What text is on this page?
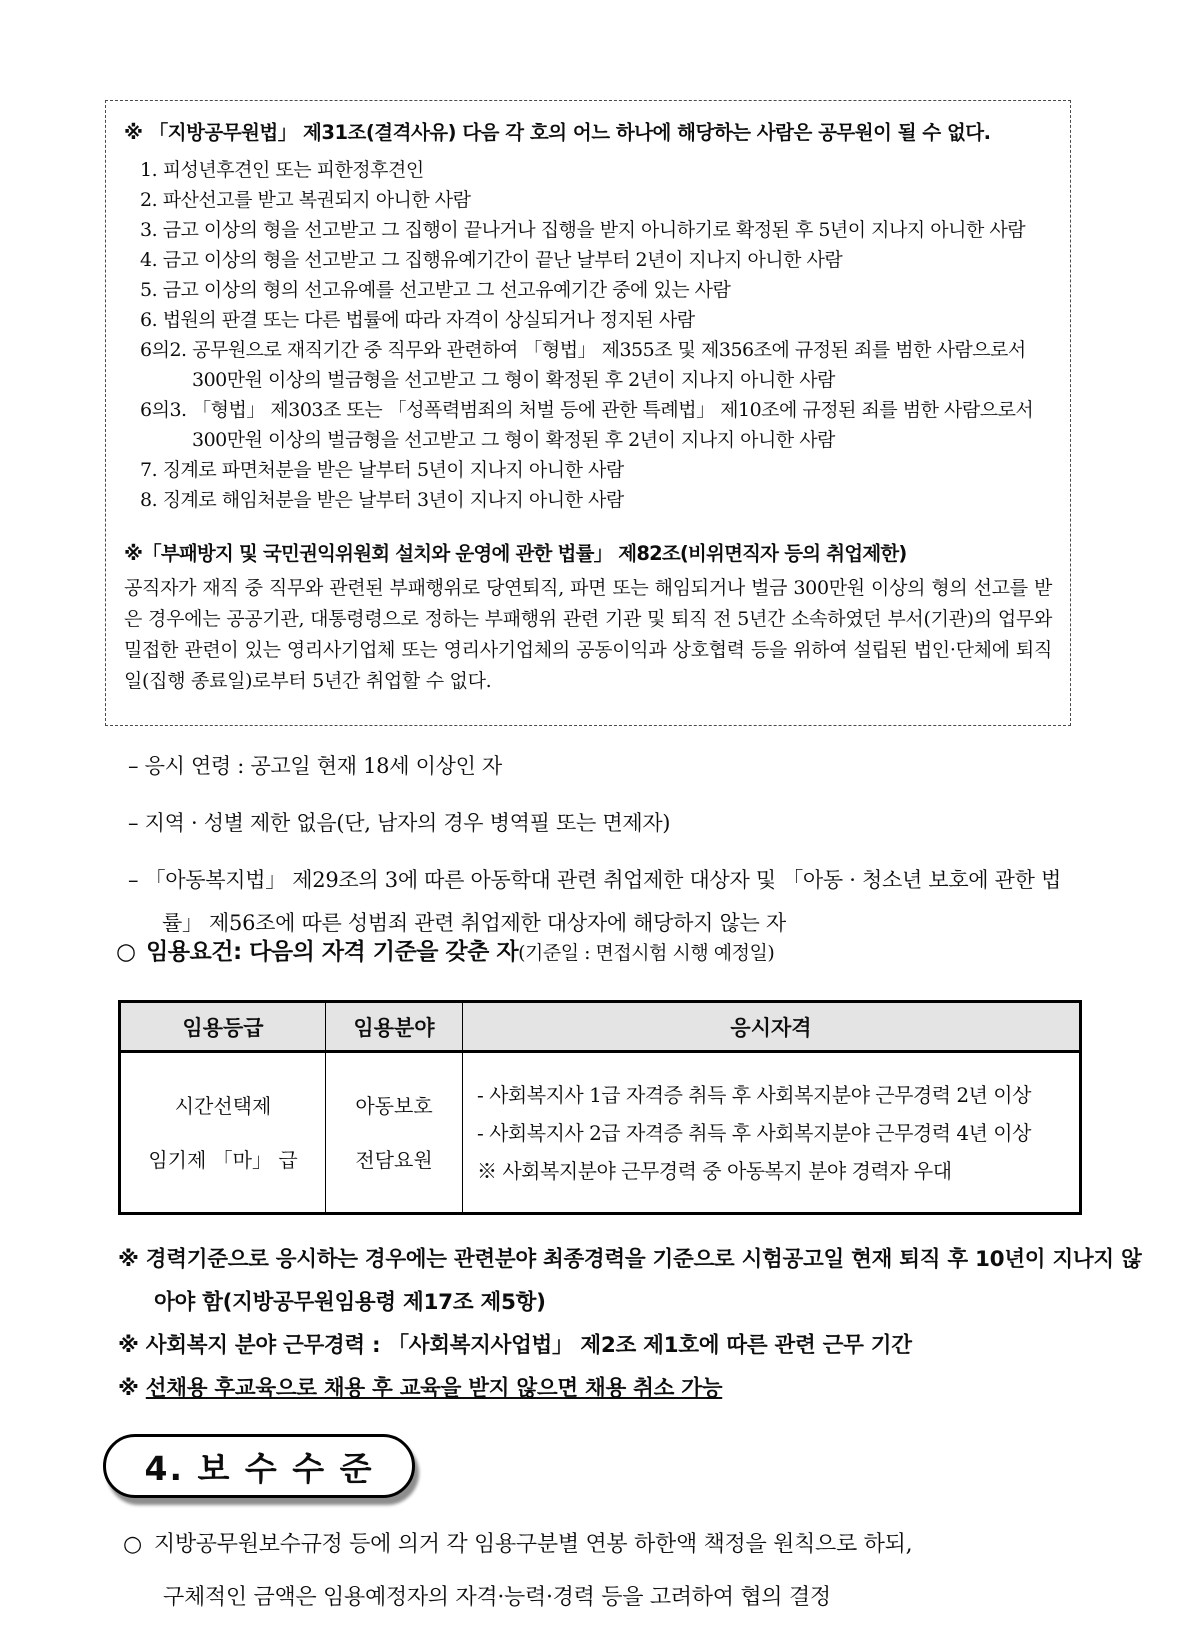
※ 「지방공무원법」 제31조(결격사유) 다음 각 호의 어느 하나에 해당하는 사람은 공무원이 될 수 없다.
1. 피성년후견인 또는 피한정후견인
2. 파산선고를 받고 복권되지 아니한 사람
3. 금고 이상의 형을 선고받고 그 집행이 끝나거나 집행을 받지 아니하기로 확정된 후 5년이 지나지 아니한 사람
4. 금고 이상의 형을 선고받고 그 집행유예기간이 끝난 날부터 2년이 지나지 아니한 사람
5. 금고 이상의 형의 선고유예를 선고받고 그 선고유예기간 중에 있는 사람
6. 법원의 판결 또는 다른 법률에 따라 자격이 상실되거나 정지된 사람
6의2. 공무원으로 재직기간 중 직무와 관련하여 「형법」 제355조 및 제356조에 규정된 죄를 범한 사람으로서 300만원 이상의 벌금형을 선고받고 그 형이 확정된 후 2년이 지나지 아니한 사람
6의3. 「형법」 제303조 또는 「성폭력범죄의 처벌 등에 관한 특례법」 제10조에 규정된 죄를 범한 사람으로서 300만원 이상의 벌금형을 선고받고 그 형이 확정된 후 2년이 지나지 아니한 사람
7. 징계로 파면처분을 받은 날부터 5년이 지나지 아니한 사람
8. 징계로 해임처분을 받은 날부터 3년이 지나지 아니한 사람
※「부패방지 및 국민권익위원회 설치와 운영에 관한 법률」 제82조(비위면직자 등의 취업제한)
공직자가 재직 중 직무와 관련된 부패행위로 당연퇴직, 파면 또는 해임되거나 벌금 300만원 이상의 형의 선고를 받은 경우에는 공공기관, 대통령령으로 정하는 부패행위 관련 기관 및 퇴직 전 5년간 소속하였던 부서(기관)의 업무와 밀접한 관련이 있는 영리사기업체 또는 영리사기업체의 공동이익과 상호협력 등을 위하여 설립된 법인·단체에 퇴직일(집행 종료일)로부터 5년간 취업할 수 없다.
– 응시 연령 : 공고일 현재 18세 이상인 자
– 지역 · 성별 제한 없음(단, 남자의 경우 병역필 또는 면제자)
– 「아동복지법」 제29조의 3에 따른 아동학대 관련 취업제한 대상자 및 「아동 · 청소년 보호에 관한 법률」 제56조에 따른 성범죄 관련 취업제한 대상자에 해당하지 않는 자
○ 임용요건: 다음의 자격 기준을 갖춘 자(기준일 : 면접시험 시행 예정일)
임용등급	임용분야	응시자격

시간선택제
임기제 「마」 급

아동보호
전담요원

- 사회복지사 1급 자격증 취득 후 사회복지분야 근무경력 2년 이상
- 사회복지사 2급 자격증 취득 후 사회복지분야 근무경력 4년 이상
※ 사회복지분야 근무경력 중 아동복지 분야 경력자 우대
※ 경력기준으로 응시하는 경우에는 관련분야 최종경력을 기준으로 시험공고일 현재 퇴직 후 10년이 지나지 않아야 함(지방공무원임용령 제17조 제5항)
※ 사회복지 분야 근무경력 : 「사회복지사업법」 제2조 제1호에 따른 관련 근무 기간
※ 선채용 후교육으로 채용 후 교육을 받지 않으면 채용 취소 가능
4. 보 수 수 준
○ 지방공무원보수규정 등에 의거 각 임용구분별 연봉 하한액 책정을 원칙으로 하되,
구체적인 금액은 임용예정자의 자격·능력·경력 등을 고려하여 협의 결정
